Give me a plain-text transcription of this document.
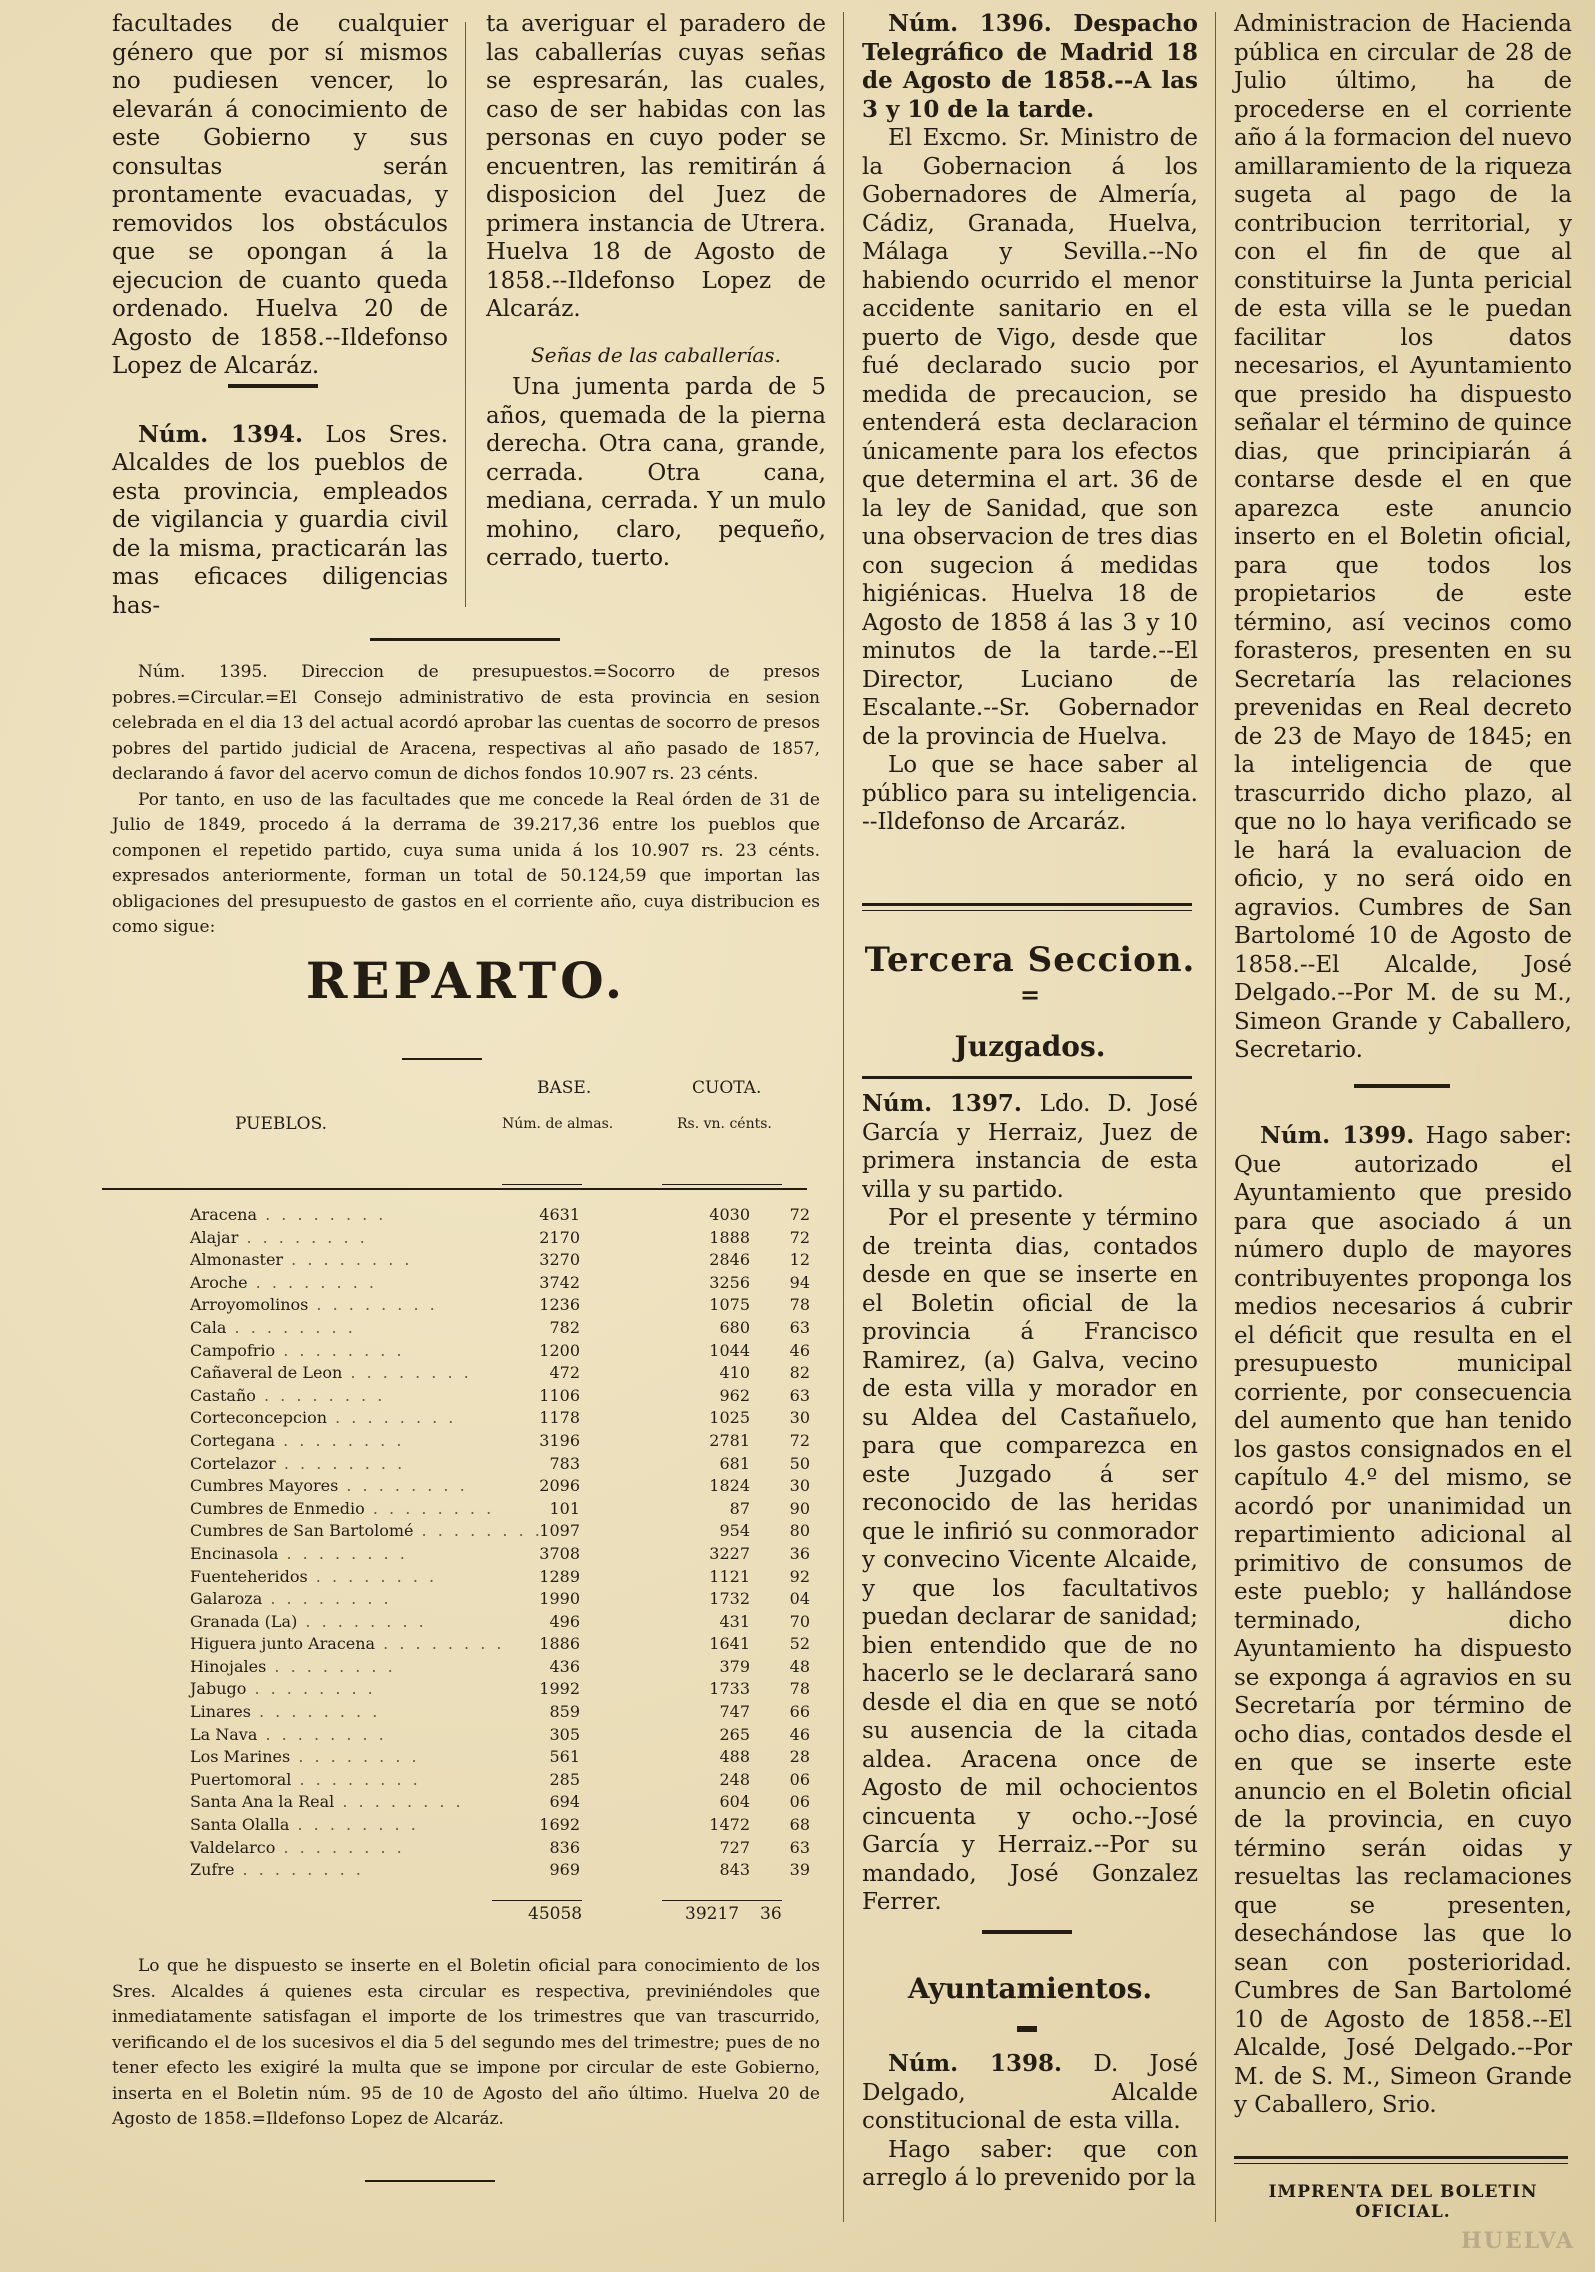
facultades de cualquier género que por sí mismos no pudiesen vencer, lo elevarán á conocimiento de este Gobierno y sus consultas serán prontamente evacuadas, y removidos los obstáculos que se opongan á la ejecucion de cuanto queda ordenado. Huelva 20 de Agosto de 1858.--Ildefonso Lopez de Alcaráz.

Núm. 1394. Los Sres. Alcaldes de los pueblos de esta provincia, empleados de vigilancia y guardia civil de la misma, practicarán las mas eficaces diligencias has-

ta averiguar el paradero de las caballerías cuyas señas se espresarán, las cuales, caso de ser habidas con las personas en cuyo poder se encuentren, las remitirán á disposicion del Juez de primera instancia de Utrera. Huelva 18 de Agosto de 1858.--Ildefonso Lopez de Alcaráz.

Señas de las caballerías.

Una jumenta parda de 5 años, quemada de la pierna derecha. Otra cana, grande, cerrada. Otra cana, mediana, cerrada. Y un mulo mohino, claro, pequeño, cerrado, tuerto.

Núm. 1395. Direccion de presupuestos.=Socorro de presos pobres.=Circular.=El Consejo administrativo de esta provincia en sesion celebrada en el dia 13 del actual acordó aprobar las cuentas de socorro de presos pobres del partido judicial de Aracena, respectivas al año pasado de 1857, declarando á favor del acervo comun de dichos fondos 10.907 rs. 23 cénts.

Por tanto, en uso de las facultades que me concede la Real órden de 31 de Julio de 1849, procedo á la derrama de 39.217,36 entre los pueblos que componen el repetido partido, cuya suma unida á los 10.907 rs. 23 cénts. expresados anteriormente, forman un total de 50.124,59 que importan las obligaciones del presupuesto de gastos en el corriente año, cuya distribucion es como sigue:

REPARTO.
BASE.	CUOTA.
PUEBLOS.	Núm. de almas.	Rs. vn. cénts.
Aracena . . . . . . . .	4631	4030	72
Alajar . . . . . . . .	2170	1888	72
Almonaster . . . . . . . .	3270	2846	12
Aroche . . . . . . . .	3742	3256	94
Arroyomolinos . . . . . . . .	1236	1075	78
Cala . . . . . . . .	782	680	63
Campofrio . . . . . . . .	1200	1044	46
Cañaveral de Leon . . . . . . . .	472	410	82
Castaño . . . . . . . .	1106	962	63
Corteconcepcion . . . . . . . .	1178	1025	30
Cortegana . . . . . . . .	3196	2781	72
Cortelazor . . . . . . . .	783	681	50
Cumbres Mayores . . . . . . . .	2096	1824	30
Cumbres de Enmedio . . . . . . . .	101	87	90
Cumbres de San Bartolomé . . . . . . . .	1097	954	80
Encinasola . . . . . . . .	3708	3227	36
Fuenteheridos . . . . . . . .	1289	1121	92
Galaroza . . . . . . . .	1990	1732	04
Granada (La) . . . . . . . .	496	431	70
Higuera junto Aracena . . . . . . . .	1886	1641	52
Hinojales . . . . . . . .	436	379	48
Jabugo . . . . . . . .	1992	1733	78
Linares . . . . . . . .	859	747	66
La Nava . . . . . . . .	305	265	46
Los Marines . . . . . . . .	561	488	28
Puertomoral . . . . . . . .	285	248	06
Santa Ana la Real . . . . . . . .	694	604	06
Santa Olalla . . . . . . . .	1692	1472	68
Valdelarco . . . . . . . .	836	727	63
Zufre . . . . . . . .	969	843	39
45058	39217 36

Lo que he dispuesto se inserte en el Boletin oficial para conocimiento de los Sres. Alcaldes á quienes esta circular es respectiva, previniéndoles que inmediatamente satisfagan el importe de los trimestres que van trascurrido, verificando el de los sucesivos el dia 5 del segundo mes del trimestre; pues de no tener efecto les exigiré la multa que se impone por circular de este Gobierno, inserta en el Boletin núm. 95 de 10 de Agosto del año último. Huelva 20 de Agosto de 1858.=Ildefonso Lopez de Alcaráz.

Núm. 1396. Despacho Telegráfico de Madrid 18 de Agosto de 1858.--A las 3 y 10 de la tarde.

El Excmo. Sr. Ministro de la Gobernacion á los Gobernadores de Almería, Cádiz, Granada, Huelva, Málaga y Sevilla.--No habiendo ocurrido el menor accidente sanitario en el puerto de Vigo, desde que fué declarado sucio por medida de precaucion, se entenderá esta declaracion únicamente para los efectos que determina el art. 36 de la ley de Sanidad, que son una observacion de tres dias con sugecion á medidas higiénicas. Huelva 18 de Agosto de 1858 á las 3 y 10 minutos de la tarde.--El Director, Luciano de Escalante.--Sr. Gobernador de la provincia de Huelva.

Lo que se hace saber al público para su inteligencia. --Ildefonso de Arcaráz.

Tercera Seccion.
=
Juzgados.

Núm. 1397. Ldo. D. José García y Herraiz, Juez de primera instancia de esta villa y su partido.

Por el presente y término de treinta dias, contados desde en que se inserte en el Boletin oficial de la provincia á Francisco Ramirez, (a) Galva, vecino de esta villa y morador en su Aldea del Castañuelo, para que comparezca en este Juzgado á ser reconocido de las heridas que le infirió su conmorador y convecino Vicente Alcaide, y que los facultativos puedan declarar de sanidad; bien entendido que de no hacerlo se le declarará sano desde el dia en que se notó su ausencia de la citada aldea. Aracena once de Agosto de mil ochocientos cincuenta y ocho.--José García y Herraiz.--Por su mandado, José Gonzalez Ferrer.

Ayuntamientos.

Núm. 1398. D. José Delgado, Alcalde constitucional de esta villa.

Hago saber: que con arreglo á lo prevenido por la

Administracion de Hacienda pública en circular de 28 de Julio último, ha de procederse en el corriente año á la formacion del nuevo amillaramiento de la riqueza sugeta al pago de la contribucion territorial, y con el fin de que al constituirse la Junta pericial de esta villa se le puedan facilitar los datos necesarios, el Ayuntamiento que presido ha dispuesto señalar el término de quince dias, que principiarán á contarse desde el en que aparezca este anuncio inserto en el Boletin oficial, para que todos los propietarios de este término, así vecinos como forasteros, presenten en su Secretaría las relaciones prevenidas en Real decreto de 23 de Mayo de 1845; en la inteligencia de que trascurrido dicho plazo, al que no lo haya verificado se le hará la evaluacion de oficio, y no será oido en agravios. Cumbres de San Bartolomé 10 de Agosto de 1858.--El Alcalde, José Delgado.--Por M. de su M., Simeon Grande y Caballero, Secretario.

Núm. 1399. Hago saber: Que autorizado el Ayuntamiento que presido para que asociado á un número duplo de mayores contribuyentes proponga los medios necesarios á cubrir el déficit que resulta en el presupuesto municipal corriente, por consecuencia del aumento que han tenido los gastos consignados en el capítulo 4.º del mismo, se acordó por unanimidad un repartimiento adicional al primitivo de consumos de este pueblo; y hallándose terminado, dicho Ayuntamiento ha dispuesto se exponga á agravios en su Secretaría por término de ocho dias, contados desde el en que se inserte este anuncio en el Boletin oficial de la provincia, en cuyo término serán oidas y resueltas las reclamaciones que se presenten, desechándose las que lo sean con posterioridad. Cumbres de San Bartolomé 10 de Agosto de 1858.--El Alcalde, José Delgado.--Por M. de S. M., Simeon Grande y Caballero, Srio.

IMPRENTA DEL BOLETIN OFICIAL.

HUELVA
